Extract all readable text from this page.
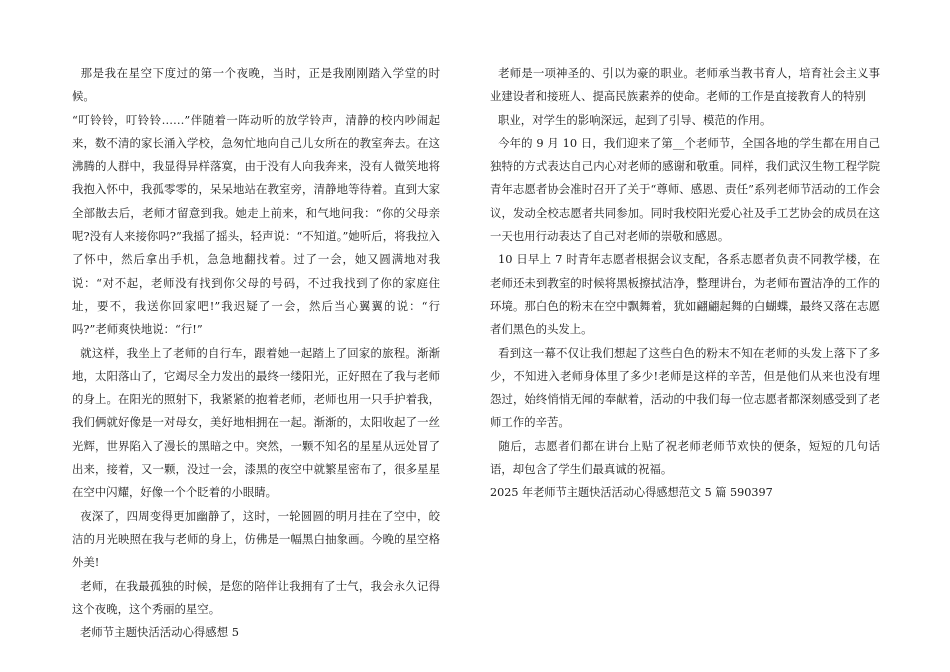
那是我在星空下度过的第一个夜晚，当时，正是我刚刚踏入学堂的时候。

“叮铃铃，叮铃铃……”伴随着一阵动听的放学铃声，清静的校内吵闹起来，数不清的家长涌入学校，急匆忙地向自己儿女所在的教室奔去。在这沸腾的人群中，我显得异样落寞，由于没有人向我奔来，没有人微笑地将我抱入怀中，我孤零零的，呆呆地站在教室旁，清静地等待着。直到大家全部散去后，老师才留意到我。她走上前来，和气地问我：“你的父母亲呢?没有人来接你吗?”我摇了摇头，轻声说：“不知道。”她听后，将我拉入了怀中，然后拿出手机，急急地翻找着。过了一会，她又圆满地对我说：“对不起，老师没有找到你父母的号码，不过我找到了你的家庭住址，要不，我送你回家吧!”我迟疑了一会，然后当心翼翼的说：“行吗?”老师爽快地说：“行!”

就这样，我坐上了老师的自行车，跟着她一起踏上了回家的旅程。渐渐地，太阳落山了，它竭尽全力发出的最终一缕阳光，正好照在了我与老师的身上。在阳光的照射下，我紧紧的抱着老师，老师也用一只手护着我，我们俩就好像是一对母女，美好地相拥在一起。渐渐的，太阳收起了一丝光辉，世界陷入了漫长的黑暗之中。突然，一颗不知名的星星从远处冒了出来，接着，又一颗，没过一会，漆黑的夜空中就繁星密布了，很多星星在空中闪耀，好像一个个眨着的小眼睛。

夜深了，四周变得更加幽静了，这时，一轮圆圆的明月挂在了空中，皎洁的月光映照在我与老师的身上，仿佛是一幅黑白抽象画。今晚的星空格外美!

老师，在我最孤独的时候，是您的陪伴让我拥有了士气，我会永久记得这个夜晚，这个秀丽的星空。

老师节主题快活活动心得感想 5

老师是一项神圣的、引以为豪的职业。老师承当教书育人，培育社会主义事业建设者和接班人、提高民族素养的使命。老师的工作是直接教育人的特别

职业，对学生的影响深远，起到了引导、模范的作用。

今年的 9 月 10 日，我们迎来了第__个老师节，全国各地的学生都在用自己独特的方式表达自己内心对老师的感谢和敬重。同样，我们武汉生物工程学院青年志愿者协会准时召开了关于“尊师、感恩、责任”系列老师节活动的工作会议，发动全校志愿者共同参加。同时我校阳光爱心社及手工艺协会的成员在这一天也用行动表达了自己对老师的崇敬和感恩。

10 日早上 7 时青年志愿者根据会议支配，各系志愿者负责不同教学楼，在老师还未到教室的时候将黑板擦拭洁净，整理讲台，为老师布置洁净的工作的环境。那白色的粉末在空中飘舞着，犹如翩翩起舞的白蝴蝶，最终又落在志愿者们黑色的头发上。

看到这一幕不仅让我们想起了这些白色的粉末不知在老师的头发上落下了多少，不知进入老师身体里了多少!老师是这样的辛苦，但是他们从来也没有埋怨过，始终悄悄无闻的奉献着，活动的中我们每一位志愿者都深刻感受到了老师工作的辛苦。

随后，志愿者们都在讲台上贴了祝老师老师节欢快的便条，短短的几句话语，却包含了学生们最真诚的祝福。

2025 年老师节主题快活活动心得感想范文 5 篇 590397
